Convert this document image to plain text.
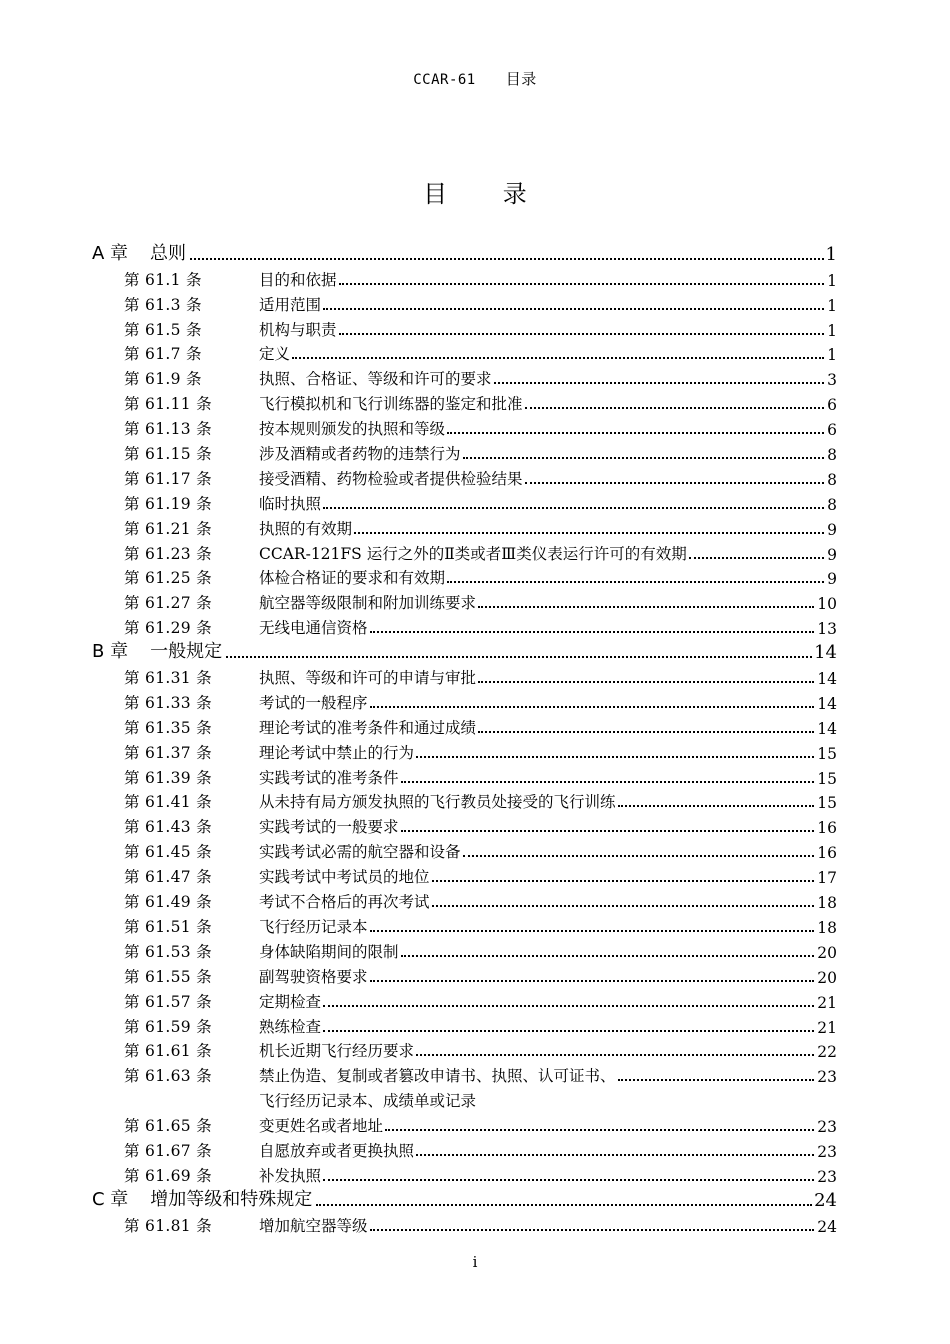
CCAR-61 目录
目 录
A 章 总则	1
第 61.1 条	目的和依据	1
第 61.3 条	适用范围	1
第 61.5 条	机构与职责	1
第 61.7 条	定义	1
第 61.9 条	执照、合格证、等级和许可的要求	3
第 61.11 条	飞行模拟机和飞行训练器的鉴定和批准	6
第 61.13 条	按本规则颁发的执照和等级	6
第 61.15 条	涉及酒精或者药物的违禁行为	8
第 61.17 条	接受酒精、药物检验或者提供检验结果	8
第 61.19 条	临时执照	8
第 61.21 条	执照的有效期	9
第 61.23 条	CCAR-121FS 运行之外的Ⅱ类或者Ⅲ类仪表运行许可的有效期	9
第 61.25 条	体检合格证的要求和有效期	9
第 61.27 条	航空器等级限制和附加训练要求	10
第 61.29 条	无线电通信资格	13
B 章 一般规定	14
第 61.31 条	执照、等级和许可的申请与审批	14
第 61.33 条	考试的一般程序	14
第 61.35 条	理论考试的准考条件和通过成绩	14
第 61.37 条	理论考试中禁止的行为	15
第 61.39 条	实践考试的准考条件	15
第 61.41 条	从未持有局方颁发执照的飞行教员处接受的飞行训练	15
第 61.43 条	实践考试的一般要求	16
第 61.45 条	实践考试必需的航空器和设备	16
第 61.47 条	实践考试中考试员的地位	17
第 61.49 条	考试不合格后的再次考试	18
第 61.51 条	飞行经历记录本	18
第 61.53 条	身体缺陷期间的限制	20
第 61.55 条	副驾驶资格要求	20
第 61.57 条	定期检查	21
第 61.59 条	熟练检查	21
第 61.61 条	机长近期飞行经历要求	22
第 61.63 条	禁止伪造、复制或者篡改申请书、执照、认可证书、	23
飞行经历记录本、成绩单或记录
第 61.65 条	变更姓名或者地址	23
第 61.67 条	自愿放弃或者更换执照	23
第 61.69 条	补发执照	23
C 章 增加等级和特殊规定	24
第 61.81 条	增加航空器等级	24
i
